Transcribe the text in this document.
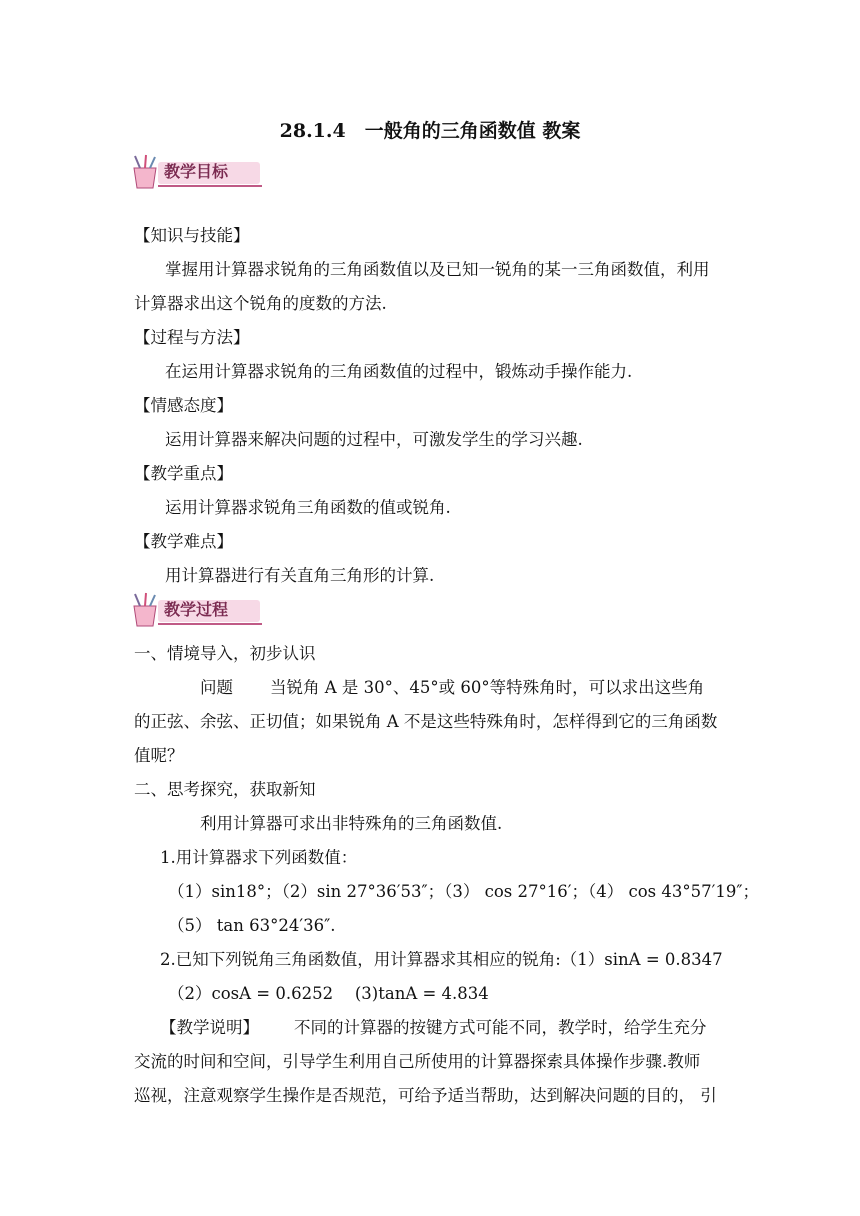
28.1.4　一般角的三角函数值 教案
教学目标
【知识与技能】
掌握用计算器求锐角的三角函数值以及已知一锐角的某一三角函数值，利用
计算器求出这个锐角的度数的方法.
【过程与方法】
在运用计算器求锐角的三角函数值的过程中，锻炼动手操作能力.
【情感态度】
运用计算器来解决问题的过程中，可激发学生的学习兴趣.
【教学重点】
运用计算器求锐角三角函数的值或锐角.
【教学难点】
用计算器进行有关直角三角形的计算.
教学过程
一、情境导入，初步认识
问题 当锐角 A 是 30°、45°或 60°等特殊角时，可以求出这些角
的正弦、余弦、正切值；如果锐角 A 不是这些特殊角时，怎样得到它的三角函数
值呢？
二、思考探究，获取新知
利用计算器可求出非特殊角的三角函数值.
1.用计算器求下列函数值：
（1）sin18°；（2）sin 27°36′53″；（3） cos 27°16′；（4） cos 43°57′19″；
（5） tan 63°24′36″.
2.已知下列锐角三角函数值，用计算器求其相应的锐角:（1）sinA = 0.8347
（2）cosA = 0.6252　 (3)tanA = 4.834
【教学说明】 不同的计算器的按键方式可能不同，教学时，给学生充分
交流的时间和空间，引导学生利用自己所使用的计算器探索具体操作步骤.教师
巡视，注意观察学生操作是否规范，可给予适当帮助，达到解决问题的目的， 引
